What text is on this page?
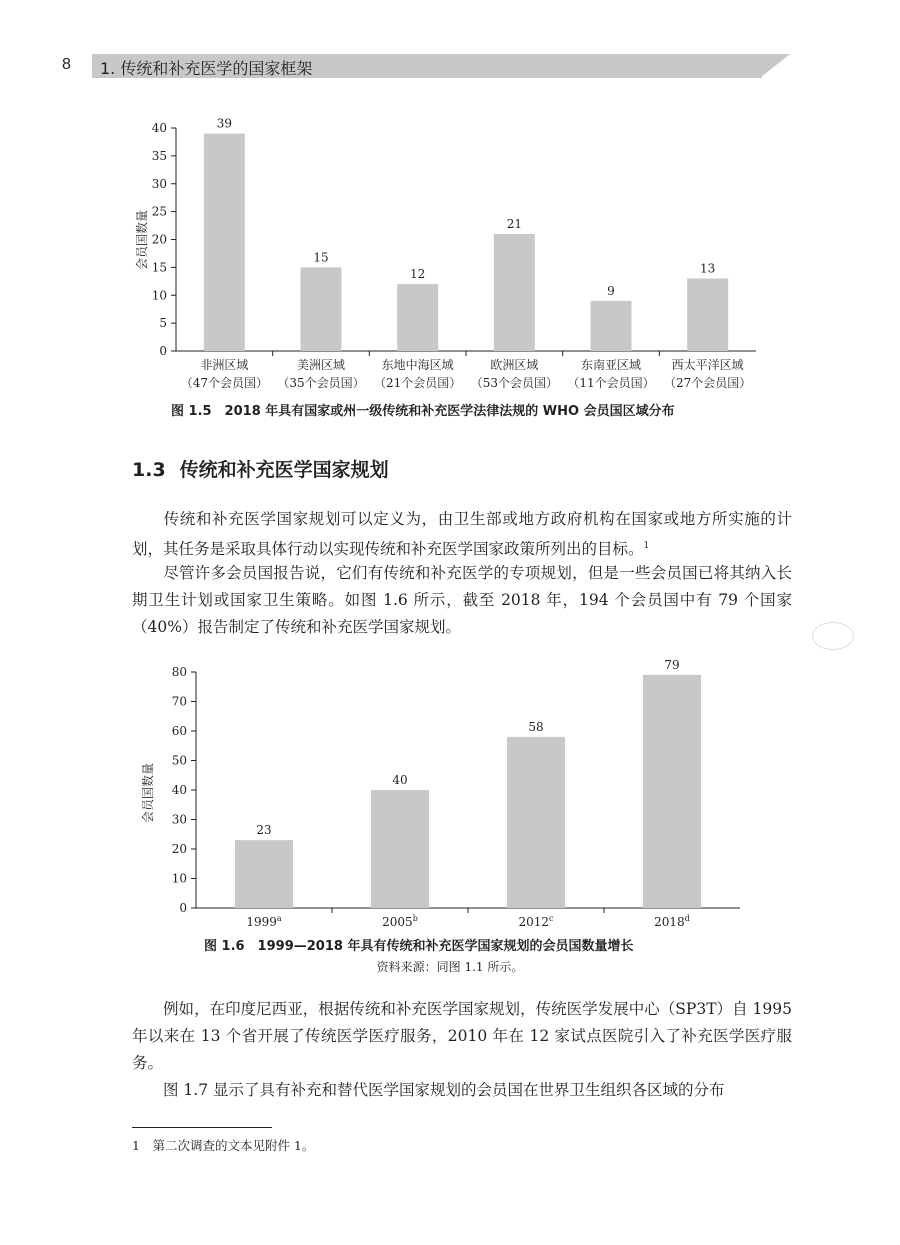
8 1. 传统和补充医学的国家框架
会员国数量
0
5
10
15
20
25
30
35
40	39
非洲区域
（47个会员国）
15
美洲区域
（35个会员国）
12
东地中海区域
（21个会员国）
21
欧洲区域
（53个会员国）
9
东南亚区域
（11个会员国）
13
西太平洋区域
（27个会员国）
图 1.5　2018 年具有国家或州一级传统和补充医学法律法规的 WHO 会员国区域分布
1.3 传统和补充医学国家规划
传统和补充医学国家规划可以定义为，由卫生部或地方政府机构在国家或地方所实施的计划，其任务是采取具体行动以实现传统和补充医学国家政策所列出的目标。$^1$
尽管许多会员国报告说，它们有传统和补充医学的专项规划，但是一些会员国已将其纳入长期卫生计划或国家卫生策略。如图 1.6 所示，截至 2018 年，194 个会员国中有 79 个国家（40%）报告制定了传统和补充医学国家规划。
会员国数量
0
10
20
30
40
50
60
70
80
23
1999$^a$
40
2005$^b$
58
2012$^c$
79
2018$^d$
图 1.6　1999—2018 年具有传统和补充医学国家规划的会员国数量增长
资料来源：同图 1.1 所示。
例如，在印度尼西亚，根据传统和补充医学国家规划，传统医学发展中心（SP3T）自 1995 年以来在 13 个省开展了传统医学医疗服务，2010 年在 12 家试点医院引入了补充医学医疗服务。
图 1.7 显示了具有补充和替代医学国家规划的会员国在世界卫生组织各区域的分布
1　第二次调查的文本见附件 1。
